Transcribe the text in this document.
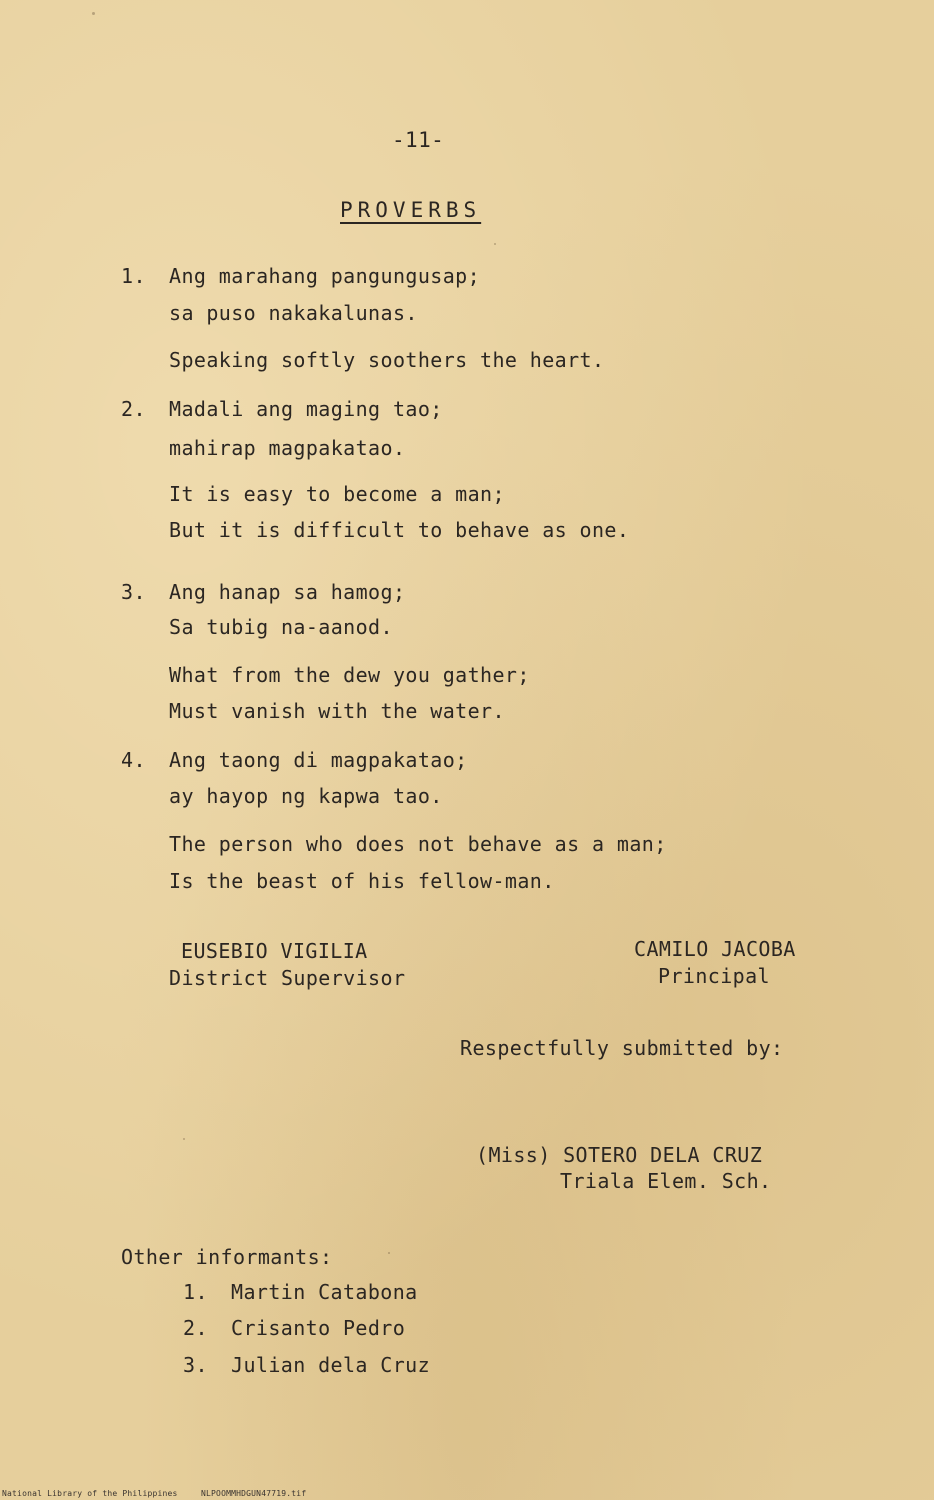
-11-
PROVERBS
1. Ang marahang pangungusap;
sa puso nakakalunas.
Speaking softly soothers the heart.
2. Madali ang maging tao;
mahirap magpakatao.
It is easy to become a man;
But it is difficult to behave as one.
3. Ang hanap sa hamog;
Sa tubig na-aanod.
What from the dew you gather;
Must vanish with the water.
4. Ang taong di magpakatao;
ay hayop ng kapwa tao.
The person who does not behave as a man;
Is the beast of his fellow-man.
EUSEBIO VIGILIA
District Supervisor
CAMILO JACOBA
Principal
Respectfully submitted by:
(Miss) SOTERO DELA CRUZ
Triala Elem. Sch.
Other informants:
1. Martin Catabona
2. Crisanto Pedro
3. Julian dela Cruz
National Library of the Philippines	NLPOOMMHDGUN47719.tif
